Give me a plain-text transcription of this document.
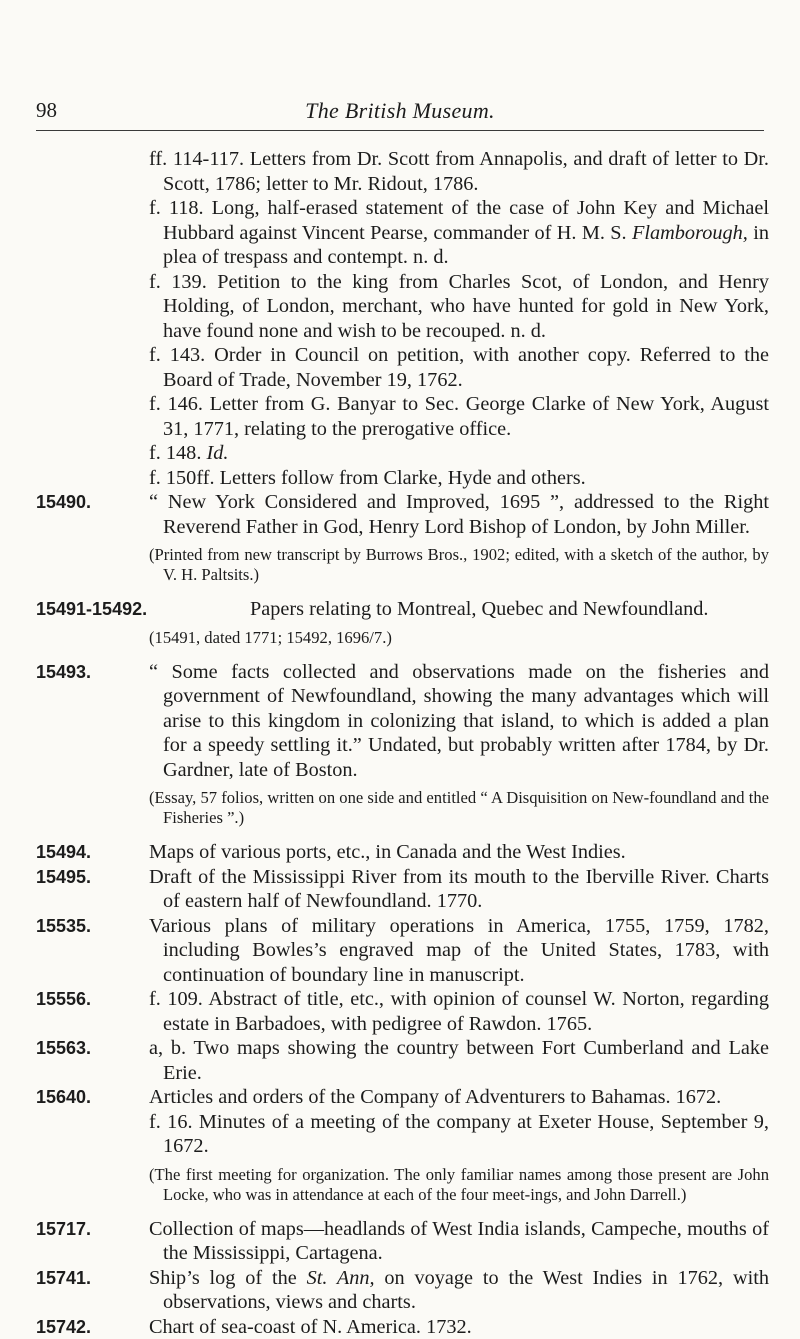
98	The British Museum.

ff. 114-117. Letters from Dr. Scott from Annapolis, and draft of letter to Dr. Scott, 1786; letter to Mr. Ridout, 1786.

f. 118. Long, half-erased statement of the case of John Key and Michael Hubbard against Vincent Pearse, commander of H. M. S. Flamborough, in plea of trespass and contempt. n. d.

f. 139. Petition to the king from Charles Scot, of London, and Henry Holding, of London, merchant, who have hunted for gold in New York, have found none and wish to be recouped. n. d.

f. 143. Order in Council on petition, with another copy. Referred to the Board of Trade, November 19, 1762.

f. 146. Letter from G. Banyar to Sec. George Clarke of New York, August 31, 1771, relating to the prerogative office.

f. 148. Id.

f. 150ff. Letters follow from Clarke, Hyde and others.

15490.	“ New York Considered and Improved, 1695 ”, addressed to the Right Reverend Father in God, Henry Lord Bishop of London, by John Miller.

(Printed from new transcript by Burrows Bros., 1902; edited, with a sketch of the author, by V. H. Paltsits.)

15491-15492.	Papers relating to Montreal, Quebec and Newfoundland.

(15491, dated 1771; 15492, 1696/7.)

15493.	“ Some facts collected and observations made on the fisheries and government of Newfoundland, showing the many advantages which will arise to this kingdom in colonizing that island, to which is added a plan for a speedy settling it.” Undated, but probably written after 1784, by Dr. Gardner, late of Boston.

(Essay, 57 folios, written on one side and entitled “ A Disquisition on New-foundland and the Fisheries ”.)

15494.	Maps of various ports, etc., in Canada and the West Indies.

15495.	Draft of the Mississippi River from its mouth to the Iberville River. Charts of eastern half of Newfoundland. 1770.

15535.	Various plans of military operations in America, 1755, 1759, 1782, including Bowles’s engraved map of the United States, 1783, with continuation of boundary line in manuscript.

15556.	f. 109. Abstract of title, etc., with opinion of counsel W. Norton, regarding estate in Barbadoes, with pedigree of Rawdon. 1765.

15563.	a, b. Two maps showing the country between Fort Cumberland and Lake Erie.

15640.	Articles and orders of the Company of Adventurers to Bahamas. 1672.

f. 16. Minutes of a meeting of the company at Exeter House, September 9, 1672.

(The first meeting for organization. The only familiar names among those present are John Locke, who was in attendance at each of the four meet-ings, and John Darrell.)

15717.	Collection of maps—headlands of West India islands, Campeche, mouths of the Mississippi, Cartagena.

15741.	Ship’s log of the St. Ann, on voyage to the West Indies in 1762, with observations, views and charts.

15742.	Chart of sea-coast of N. America. 1732.
